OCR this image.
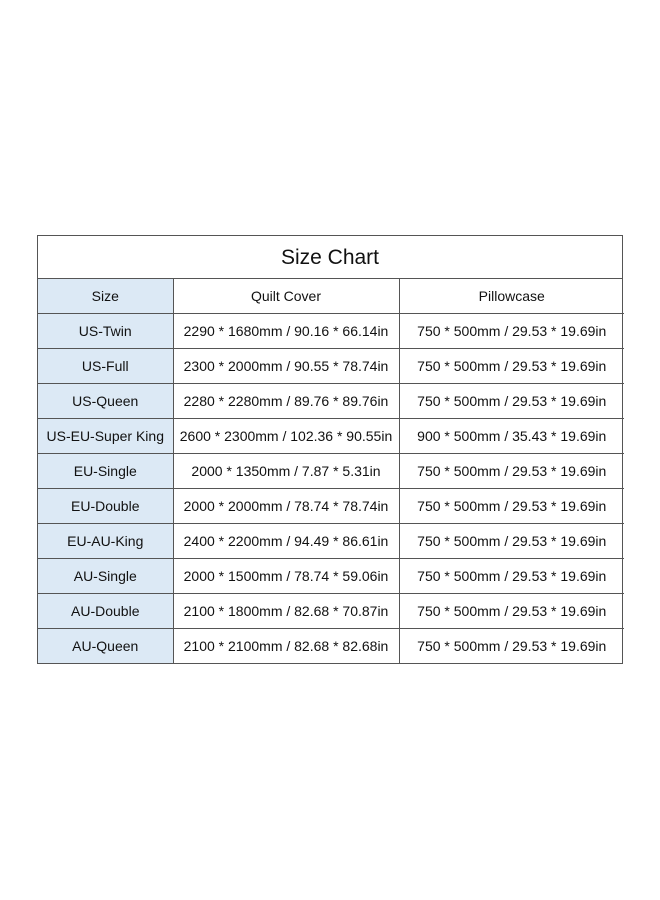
Size Chart
Size	Quilt Cover	Pillowcase
US-Twin	2290 * 1680mm / 90.16 * 66.14in	750 * 500mm / 29.53 * 19.69in
US-Full	2300 * 2000mm / 90.55 * 78.74in	750 * 500mm / 29.53 * 19.69in
US-Queen	2280 * 2280mm / 89.76 * 89.76in	750 * 500mm / 29.53 * 19.69in
US-EU-Super King	2600 * 2300mm / 102.36 * 90.55in	900 * 500mm / 35.43 * 19.69in
EU-Single	2000 * 1350mm / 7.87 * 5.31in	750 * 500mm / 29.53 * 19.69in
EU-Double	2000 * 2000mm / 78.74 * 78.74in	750 * 500mm / 29.53 * 19.69in
EU-AU-King	2400 * 2200mm / 94.49 * 86.61in	750 * 500mm / 29.53 * 19.69in
AU-Single	2000 * 1500mm / 78.74 * 59.06in	750 * 500mm / 29.53 * 19.69in
AU-Double	2100 * 1800mm / 82.68 * 70.87in	750 * 500mm / 29.53 * 19.69in
AU-Queen	2100 * 2100mm / 82.68 * 82.68in	750 * 500mm / 29.53 * 19.69in
